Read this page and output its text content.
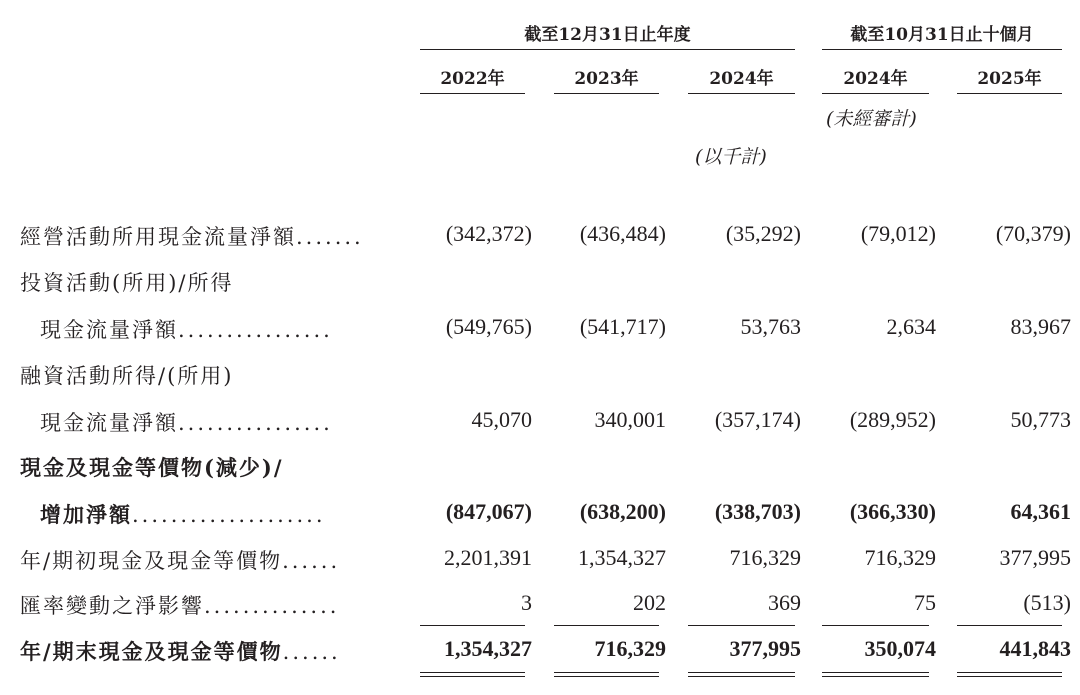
截至12月31日止年度	截至10月31日止十個月
2022年	2023年	2024年	2024年	2025年
(未經審計)
(以千計)
經營活動所用現金流量淨額.......	(342,372) (436,484)	(35,292)	(79,012)	(70,379)
投資活動(所用)/所得
現金流量淨額................	(549,765) (541,717)	53,763	2,634	83,967
融資活動所得/(所用)
現金流量淨額................	45,070	340,001 (357,174) (289,952)	50,773
現金及現金等價物(減少)/
增加淨額....................	(847,067) (638,200) (338,703) (366,330)	64,361
年/期初現金及現金等價物......	2,201,391 1,354,327	716,329	716,329	377,995
匯率變動之淨影響..............	3	202	369	75	(513)
年/期末現金及現金等價物......	1,354,327	716,329	377,995	350,074	441,843
